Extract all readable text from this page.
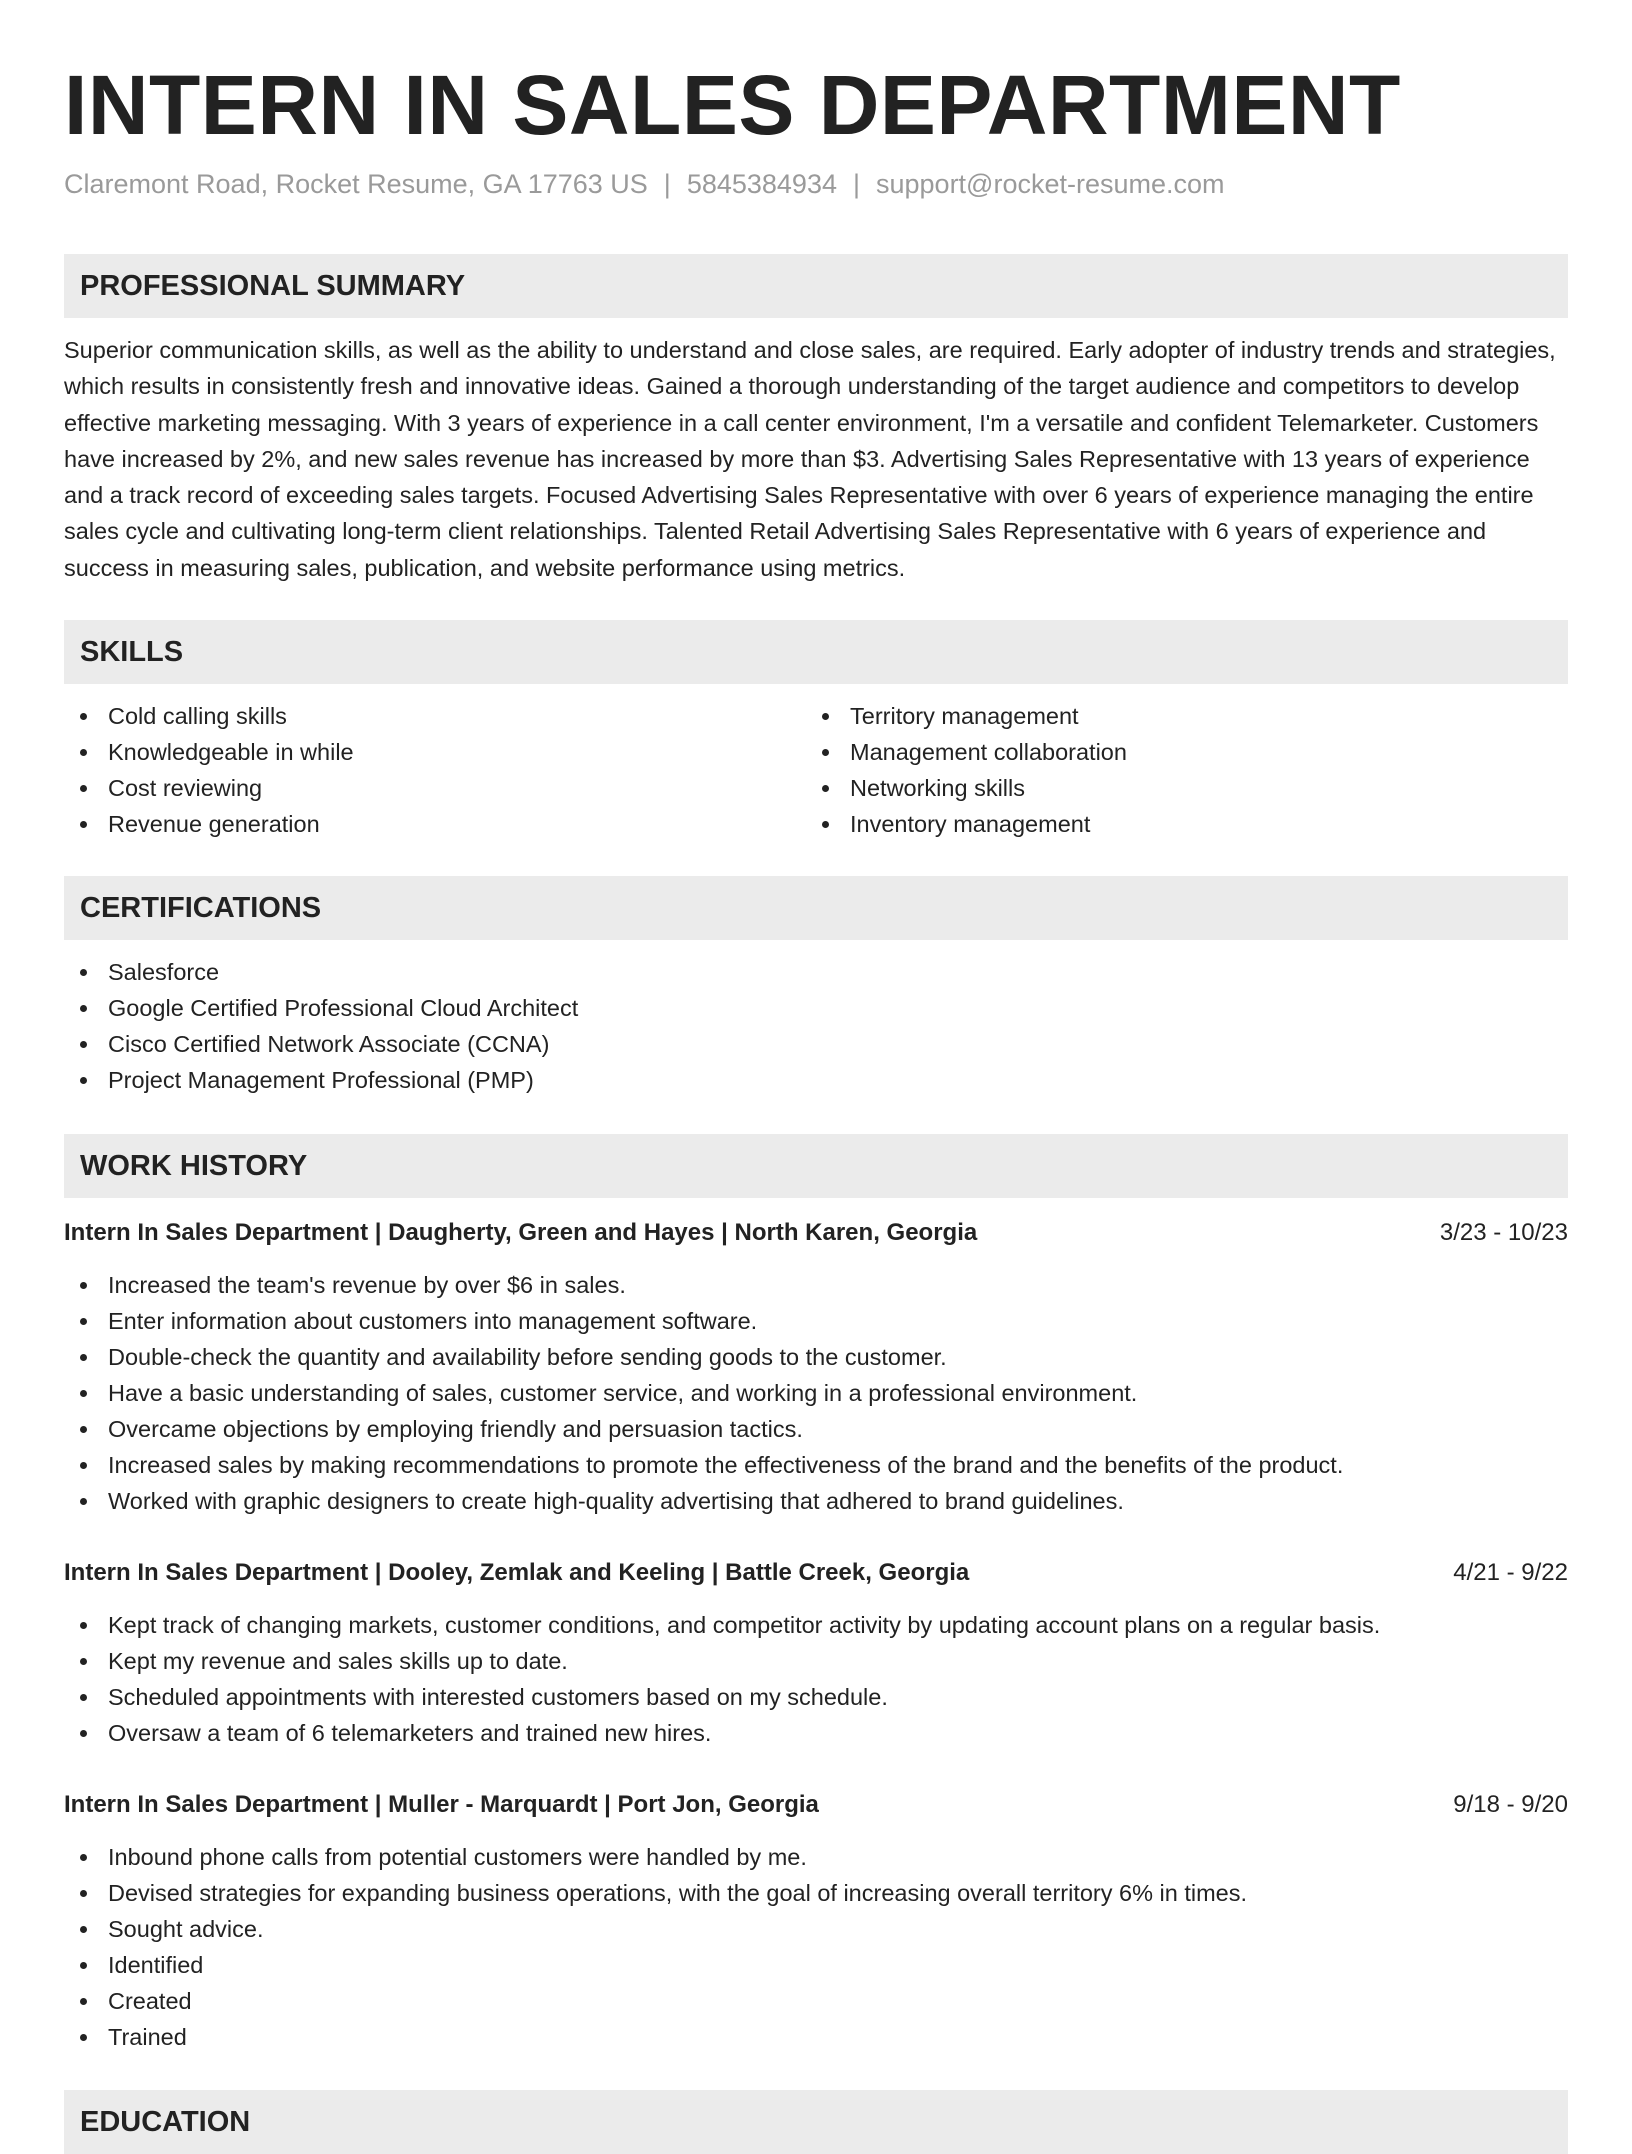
INTERN IN SALES DEPARTMENT
Claremont Road, Rocket Resume, GA 17763 US | 5845384934 | support@rocket-resume.com
PROFESSIONAL SUMMARY

Superior communication skills, as well as the ability to understand and close sales, are required. Early adopter of industry trends and strategies, which results in consistently fresh and innovative ideas. Gained a thorough understanding of the target audience and competitors to develop effective marketing messaging. With 3 years of experience in a call center environment, I'm a versatile and confident Telemarketer. Customers have increased by 2%, and new sales revenue has increased by more than $3. Advertising Sales Representative with 13 years of experience and a track record of exceeding sales targets. Focused Advertising Sales Representative with over 6 years of experience managing the entire sales cycle and cultivating long-term client relationships. Talented Retail Advertising Sales Representative with 6 years of experience and success in measuring sales, publication, and website performance using metrics.

SKILLS
Cold calling skills
Knowledgeable in while
Cost reviewing
Revenue generation
Territory management
Management collaboration
Networking skills
Inventory management
CERTIFICATIONS
Salesforce
Google Certified Professional Cloud Architect
Cisco Certified Network Associate (CCNA)
Project Management Professional (PMP)
WORK HISTORY
Intern In Sales Department | Daugherty, Green and Hayes | North Karen, Georgia	3/23 - 10/23
Increased the team's revenue by over $6 in sales.
Enter information about customers into management software.
Double-check the quantity and availability before sending goods to the customer.
Have a basic understanding of sales, customer service, and working in a professional environment.
Overcame objections by employing friendly and persuasion tactics.
Increased sales by making recommendations to promote the effectiveness of the brand and the benefits of the product.
Worked with graphic designers to create high-quality advertising that adhered to brand guidelines.
Intern In Sales Department | Dooley, Zemlak and Keeling | Battle Creek, Georgia	4/21 - 9/22
Kept track of changing markets, customer conditions, and competitor activity by updating account plans on a regular basis.
Kept my revenue and sales skills up to date.
Scheduled appointments with interested customers based on my schedule.
Oversaw a team of 6 telemarketers and trained new hires.
Intern In Sales Department | Muller - Marquardt | Port Jon, Georgia	9/18 - 9/20
Inbound phone calls from potential customers were handled by me.
Devised strategies for expanding business operations, with the goal of increasing overall territory 6% in times.
Sought advice.
Identified
Created
Trained
EDUCATION
